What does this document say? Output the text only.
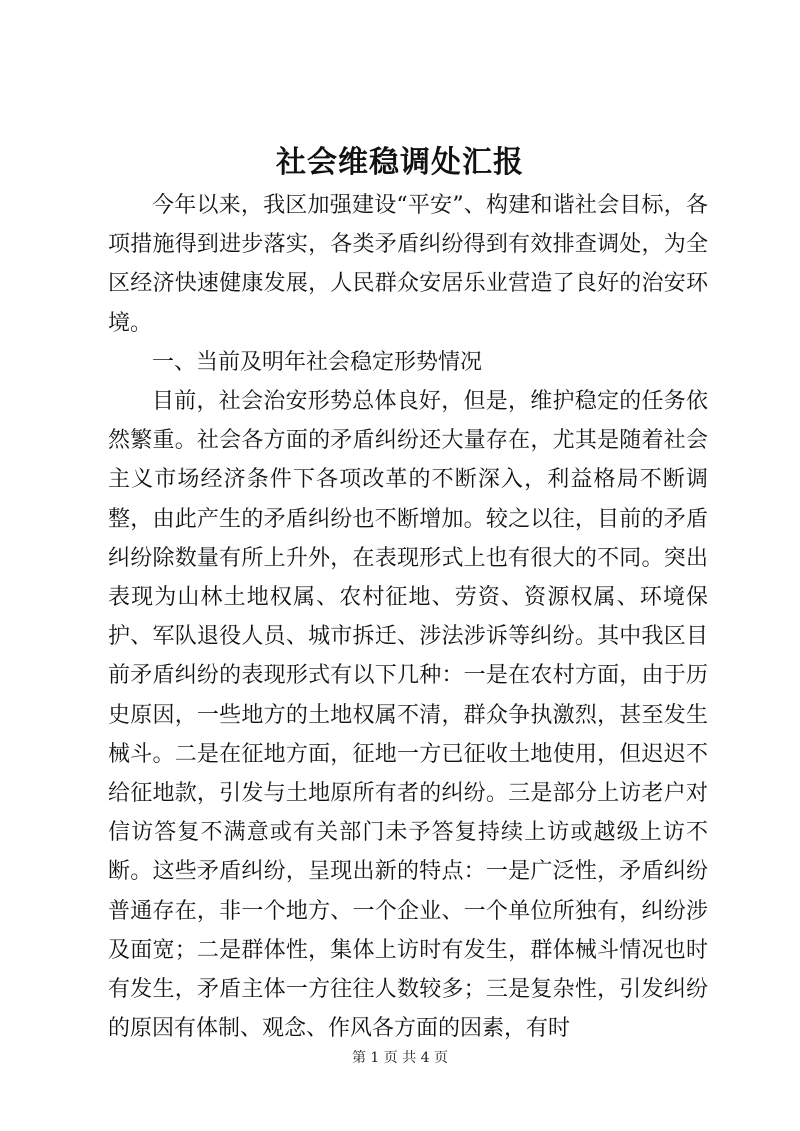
社会维稳调处汇报

今年以来，我区加强建设“平安”、构建和谐社会目标，各项措施得到进步落实，各类矛盾纠纷得到有效排查调处，为全区经济快速健康发展，人民群众安居乐业营造了良好的治安环境。

一、当前及明年社会稳定形势情况

目前，社会治安形势总体良好，但是，维护稳定的任务依然繁重。社会各方面的矛盾纠纷还大量存在，尤其是随着社会主义市场经济条件下各项改革的不断深入，利益格局不断调整，由此产生的矛盾纠纷也不断增加。较之以往，目前的矛盾纠纷除数量有所上升外，在表现形式上也有很大的不同。突出表现为山林土地权属、农村征地、劳资、资源权属、环境保护、军队退役人员、城市拆迁、涉法涉诉等纠纷。其中我区目前矛盾纠纷的表现形式有以下几种：一是在农村方面，由于历史原因，一些地方的土地权属不清，群众争执激烈，甚至发生械斗。二是在征地方面，征地一方已征收土地使用，但迟迟不给征地款，引发与土地原所有者的纠纷。三是部分上访老户对信访答复不满意或有关部门未予答复持续上访或越级上访不断。这些矛盾纠纷，呈现出新的特点：一是广泛性，矛盾纠纷普通存在，非一个地方、一个企业、一个单位所独有，纠纷涉及面宽；二是群体性，集体上访时有发生，群体械斗情况也时有发生，矛盾主体一方往往人数较多；三是复杂性，引发纠纷的原因有体制、观念、作风各方面的因素，有时

第 1 页 共 4 页
